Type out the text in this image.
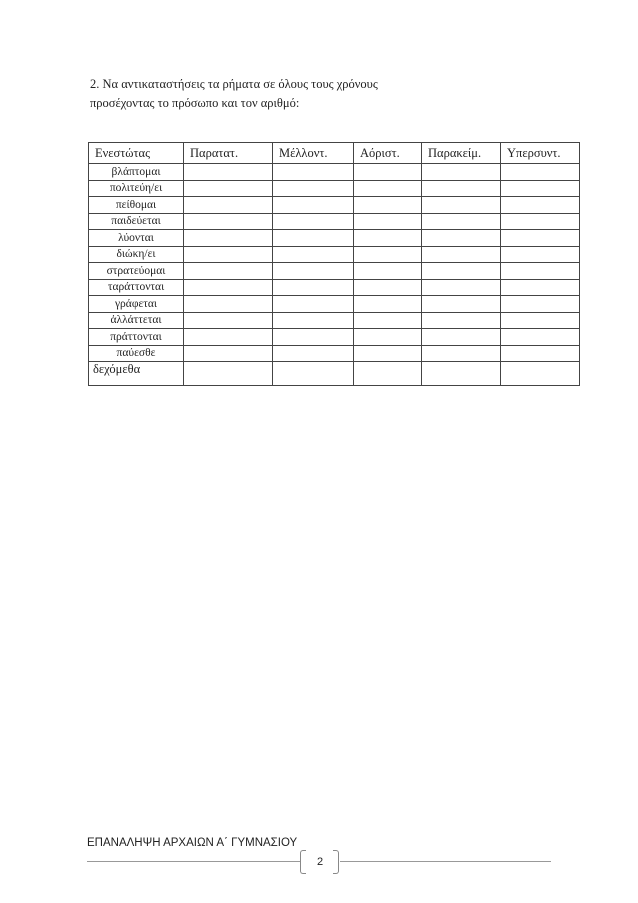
2. Να αντικαταστήσεις τα ρήματα σε όλους τους χρόνους
προσέχοντας το πρόσωπο και τον αριθμό:
Ενεστώτας	Παρατατ.	Μέλλοντ.	Αόριστ.	Παρακείμ.	Υπερσυντ.
βλάπτομαι					
πολιτεύη/ει					
πείθομαι					
παιδεύεται					
λύονται					
διώκη/ει					
στρατεύομαι					
ταράττονται					
γράφεται					
ἀλλάττεται					
πράττονται					
παύεσθε					
δεχόμεθα					
ΕΠΑΝΑΛΗΨΗ ΑΡΧΑΙΩΝ Α΄ ΓΥΜΝΑΣΙΟΥ
2
